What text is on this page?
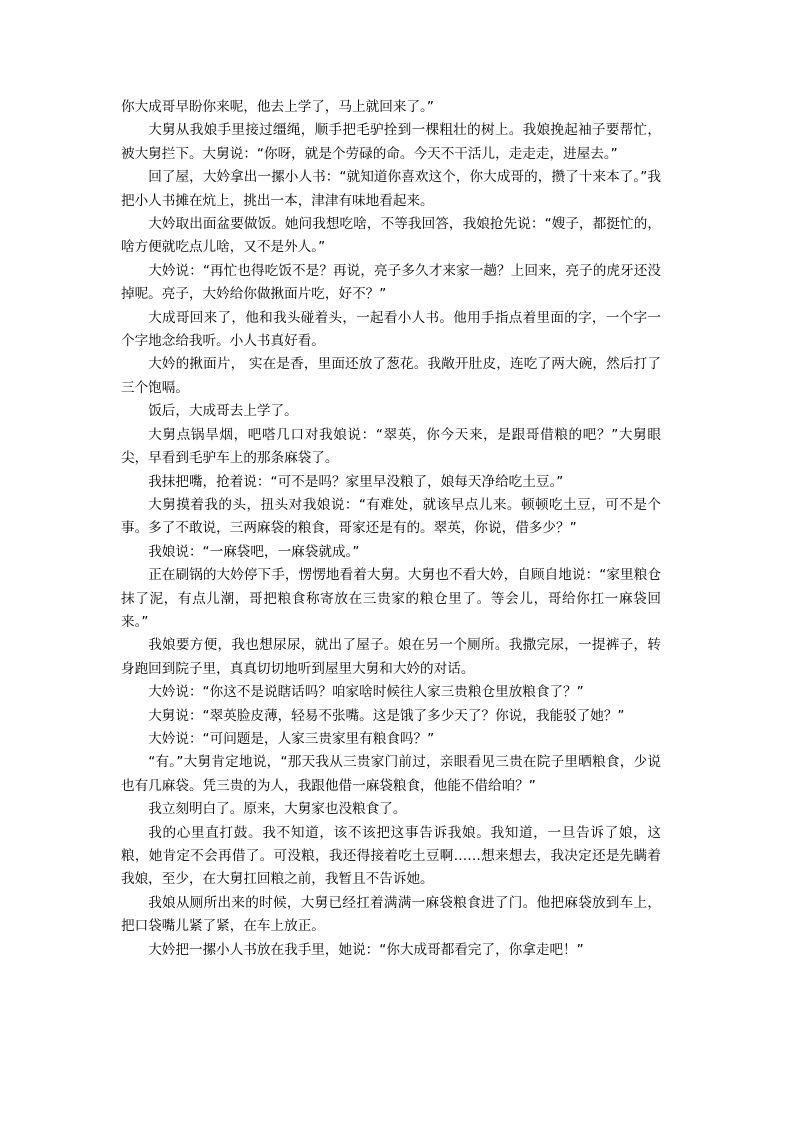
你大成哥早盼你来呢，他去上学了，马上就回来了。”

大舅从我娘手里接过缰绳，顺手把毛驴拴到一棵粗壮的树上。我娘挽起袖子要帮忙，被大舅拦下。大舅说：“你呀，就是个劳碌的命。今天不干活儿，走走走，进屋去。”

回了屋，大妗拿出一摞小人书：“就知道你喜欢这个，你大成哥的，攒了十来本了。”我把小人书摊在炕上，挑出一本，津津有味地看起来。

大妗取出面盆要做饭。她问我想吃啥，不等我回答，我娘抢先说：“嫂子，都挺忙的，啥方便就吃点儿啥，又不是外人。”

大妗说：“再忙也得吃饭不是？再说，亮子多久才来家一趟？上回来，亮子的虎牙还没掉呢。亮子，大妗给你做揪面片吃，好不？”

大成哥回来了，他和我头碰着头，一起看小人书。他用手指点着里面的字，一个字一个字地念给我听。小人书真好看。

大妗的揪面片， 实在是香，里面还放了葱花。我敞开肚皮，连吃了两大碗，然后打了三个饱嗝。

饭后，大成哥去上学了。

大舅点锅旱烟，吧嗒几口对我娘说：“翠英，你今天来，是跟哥借粮的吧？”大舅眼尖，早看到毛驴车上的那条麻袋了。

我抹把嘴，抢着说：“可不是吗？家里早没粮了，娘每天净给吃土豆。”

大舅摸着我的头，扭头对我娘说：“有难处，就该早点儿来。顿顿吃土豆，可不是个事。多了不敢说，三两麻袋的粮食，哥家还是有的。翠英，你说，借多少？”

我娘说：“一麻袋吧，一麻袋就成。”

正在刷锅的大妗停下手，愣愣地看着大舅。大舅也不看大妗，自顾自地说：“家里粮仓抹了泥，有点儿潮，哥把粮食称寄放在三贵家的粮仓里了。等会儿，哥给你扛一麻袋回来。”

我娘要方便，我也想尿尿，就出了屋子。娘在另一个厕所。我撒完尿，一提裤子，转身跑回到院子里，真真切切地听到屋里大舅和大妗的对话。

大妗说：“你这不是说瞎话吗？咱家啥时候往人家三贵粮仓里放粮食了？”

大舅说：“翠英脸皮薄，轻易不张嘴。这是饿了多少天了？你说，我能驳了她？”

大妗说：“可问题是，人家三贵家里有粮食吗？”

“有。”大舅肯定地说，“那天我从三贵家门前过，亲眼看见三贵在院子里晒粮食，少说也有几麻袋。凭三贵的为人，我跟他借一麻袋粮食，他能不借给咱？”

我立刻明白了。原来，大舅家也没粮食了。

我的心里直打鼓。我不知道，该不该把这事告诉我娘。我知道，一旦告诉了娘，这粮，她肯定不会再借了。可没粮，我还得接着吃土豆啊……想来想去，我决定还是先瞒着我娘，至少，在大舅扛回粮之前，我暂且不告诉她。

我娘从厕所出来的时候，大舅已经扛着满满一麻袋粮食进了门。他把麻袋放到车上，把口袋嘴儿紧了紧，在车上放正。

大妗把一摞小人书放在我手里，她说：“你大成哥都看完了，你拿走吧！”
